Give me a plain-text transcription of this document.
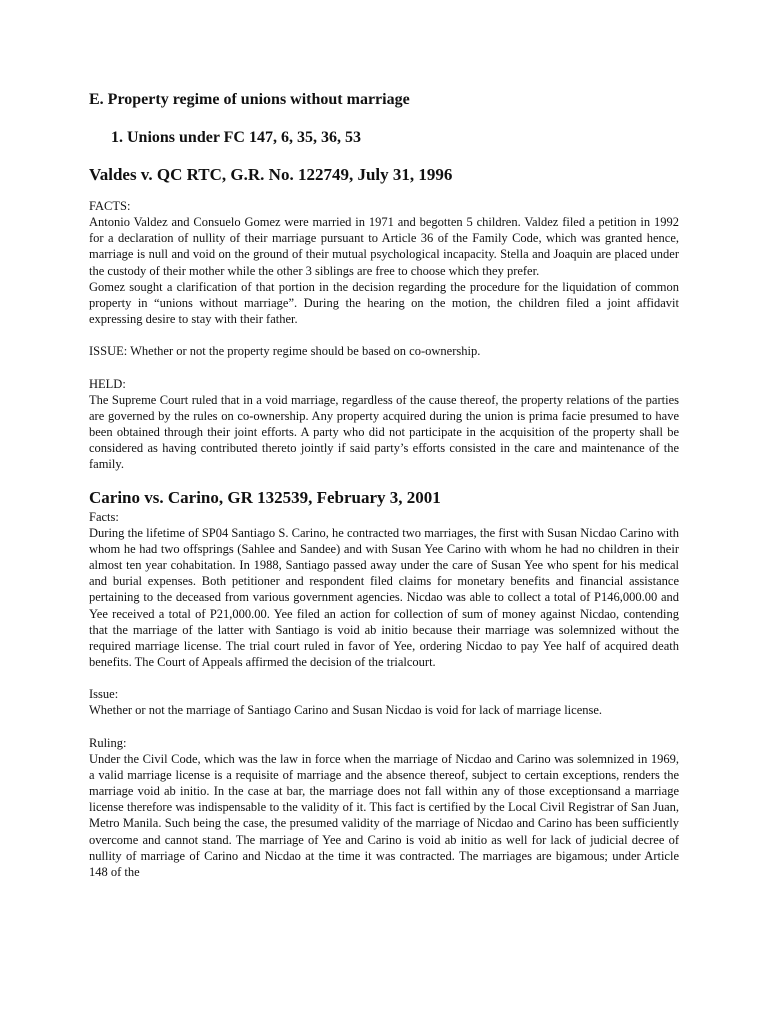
E. Property regime of unions without marriage
1. Unions under FC 147, 6, 35, 36, 53
Valdes v. QC RTC, G.R. No. 122749, July 31, 1996

FACTS:

Antonio Valdez and Consuelo Gomez were married in 1971 and begotten 5 children. Valdez filed a petition in 1992 for a declaration of nullity of their marriage pursuant to Article 36 of the Family Code, which was granted hence, marriage is null and void on the ground of their mutual psychological incapacity. Stella and Joaquin are placed under the custody of their mother while the other 3 siblings are free to choose which they prefer.

Gomez sought a clarification of that portion in the decision regarding the procedure for the liquidation of common property in “unions without marriage”. During the hearing on the motion, the children filed a joint affidavit expressing desire to stay with their father.

ISSUE: Whether or not the property regime should be based on co-ownership.

HELD:

The Supreme Court ruled that in a void marriage, regardless of the cause thereof, the property relations of the parties are governed by the rules on co-ownership. Any property acquired during the union is prima facie presumed to have been obtained through their joint efforts. A party who did not participate in the acquisition of the property shall be considered as having contributed thereto jointly if said party’s efforts consisted in the care and maintenance of the family.

Carino vs. Carino, GR 132539, February 3, 2001

Facts:

During the lifetime of SP04 Santiago S. Carino, he contracted two marriages, the first with Susan Nicdao Carino with whom he had two offsprings (Sahlee and Sandee) and with Susan Yee Carino with whom he had no children in their almost ten year cohabitation. In 1988, Santiago passed away under the care of Susan Yee who spent for his medical and burial expenses. Both petitioner and respondent filed claims for monetary benefits and financial assistance pertaining to the deceased from various government agencies. Nicdao was able to collect a total of P146,000.00 and Yee received a total of P21,000.00. Yee filed an action for collection of sum of money against Nicdao, contending that the marriage of the latter with Santiago is void ab initio because their marriage was solemnized without the required marriage license. The trial court ruled in favor of Yee, ordering Nicdao to pay Yee half of acquired death benefits. The Court of Appeals affirmed the decision of the trialcourt.

Issue:

Whether or not the marriage of Santiago Carino and Susan Nicdao is void for lack of marriage license.

Ruling:

Under the Civil Code, which was the law in force when the marriage of Nicdao and Carino was solemnized in 1969, a valid marriage license is a requisite of marriage and the absence thereof, subject to certain exceptions, renders the marriage void ab initio. In the case at bar, the marriage does not fall within any of those exceptionsand a marriage license therefore was indispensable to the validity of it. This fact is certified by the Local Civil Registrar of San Juan, Metro Manila. Such being the case, the presumed validity of the marriage of Nicdao and Carino has been sufficiently overcome and cannot stand. The marriage of Yee and Carino is void ab initio as well for lack of judicial decree of nullity of marriage of Carino and Nicdao at the time it was contracted. The marriages are bigamous; under Article 148 of the
